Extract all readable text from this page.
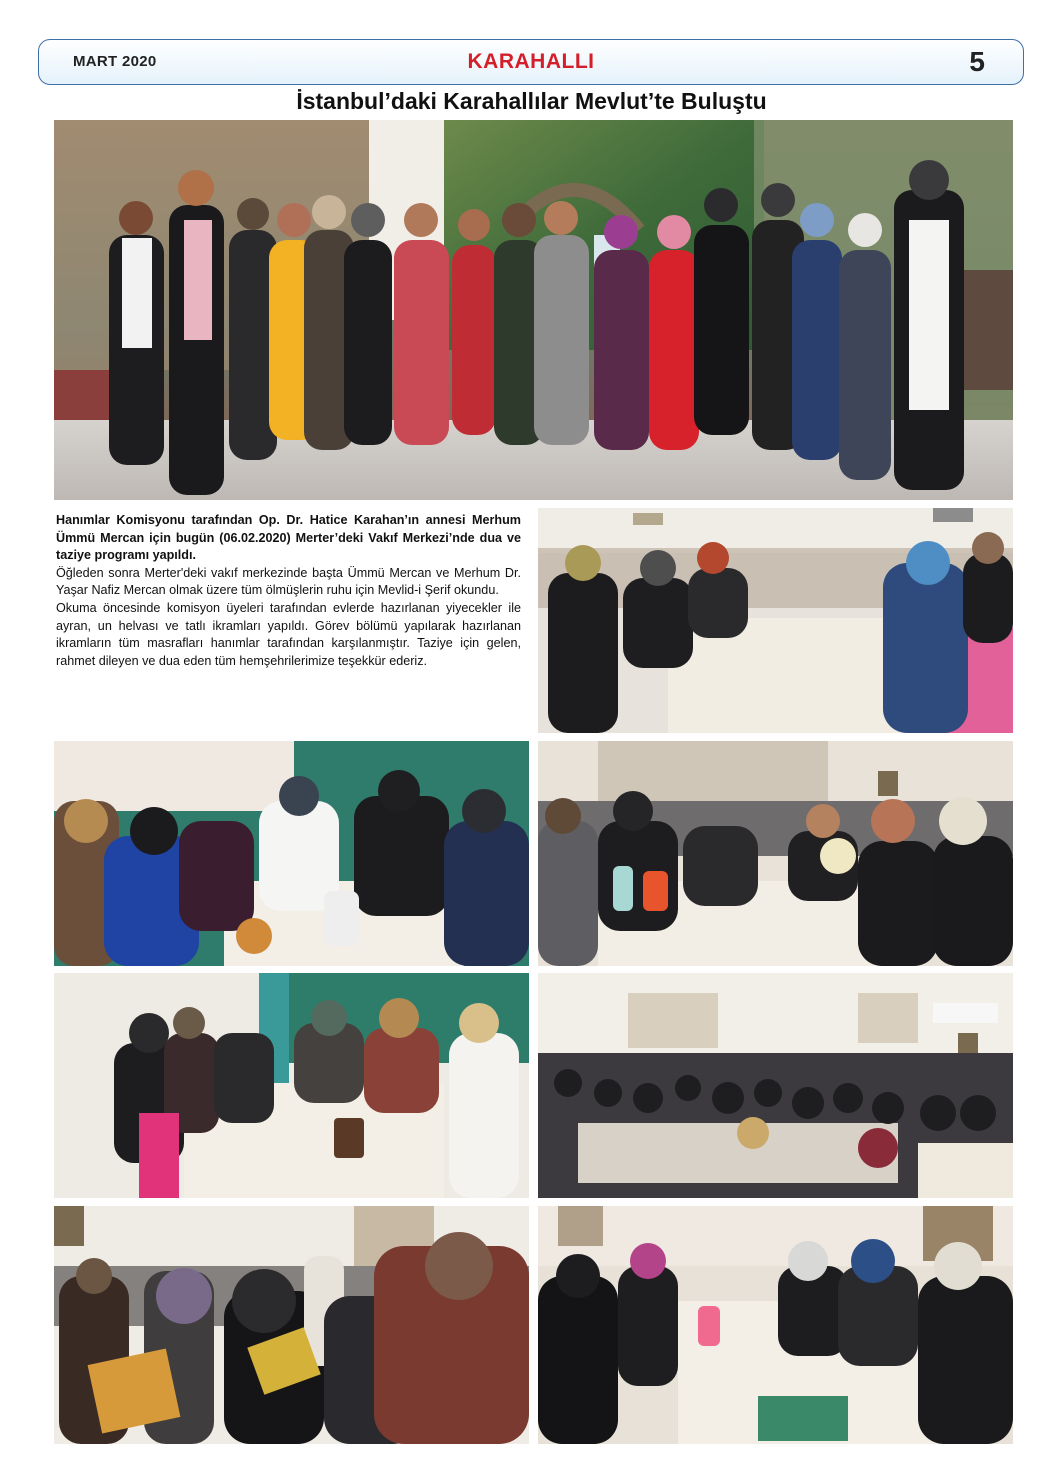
MART 2020	KARAHALLI	5
İstanbul’daki Karahallılar Mevlut’te Buluştu

Hanımlar Komisyonu tarafından Op. Dr. Hatice Karahan’ın annesi Merhum Ümmü Mercan için bugün (06.02.2020) Merter’deki Vakıf Merkezi’nde dua ve taziye programı yapıldı.

Öğleden sonra Merter'deki vakıf merkezinde başta Ümmü Mercan ve Merhum Dr. Yaşar Nafiz Mercan olmak üzere tüm ölmüşlerin ruhu için Mevlid-i Şerif okundu.

Okuma öncesinde komisyon üyeleri tarafından evlerde hazırlanan yiyecekler ile ayran, un helvası ve tatlı ikramları yapıldı. Görev bölümü yapılarak hazırlanan ikramların tüm masrafları hanımlar tarafından karşılanmıştır. Taziye için gelen, rahmet dileyen ve dua eden tüm hemşehrilerimize teşekkür ederiz.
